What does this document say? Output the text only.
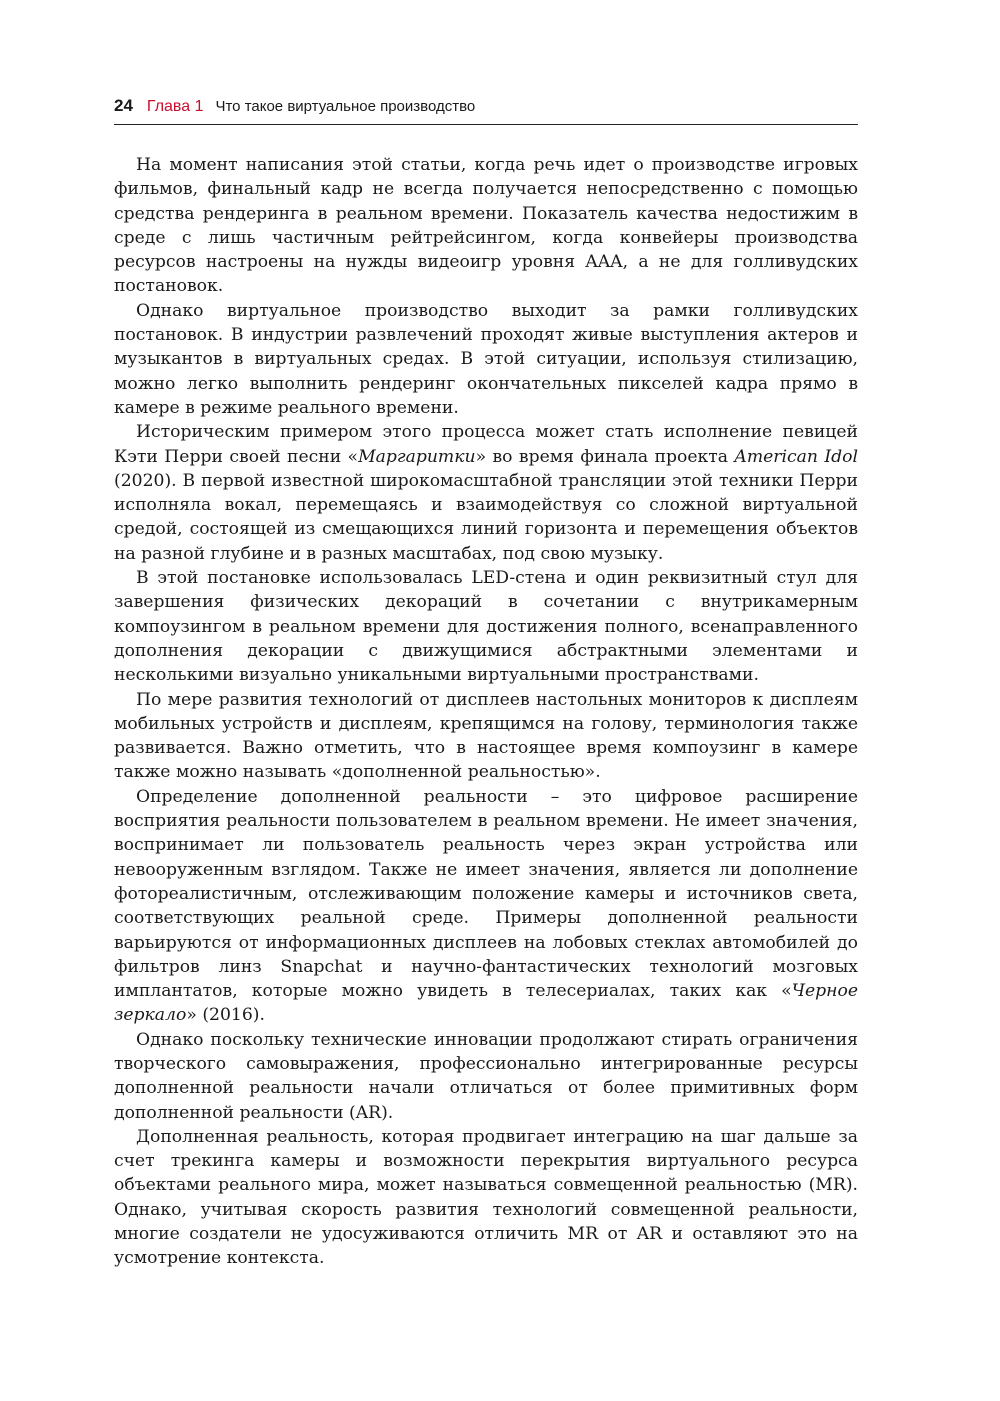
24 Глава 1 Что такое виртуальное производство

На момент написания этой статьи, когда речь идет о производстве игровых фильмов, финальный кадр не всегда получается непосредственно с помощью средства рендеринга в реальном времени. Показатель качества недостижим в среде с лишь частичным рейтрейсингом, когда конвейеры производства ресурсов настроены на нужды видеоигр уровня AAA, а не для голливудских постановок.

Однако виртуальное производство выходит за рамки голливудских постановок. В индустрии развлечений проходят живые выступления актеров и музыкантов в виртуальных средах. В этой ситуации, используя стилизацию, можно легко выполнить рендеринг окончательных пикселей кадра прямо в камере в режиме реального времени.

Историческим примером этого процесса может стать исполнение певицей Кэти Перри своей песни «Маргаритки» во время финала проекта American Idol (2020). В первой известной широкомасштабной трансляции этой техники Перри исполняла вокал, перемещаясь и взаимодействуя со сложной виртуальной средой, состоящей из смещающихся линий горизонта и перемещения объектов на разной глубине и в разных масштабах, под свою музыку.

В этой постановке использовалась LED-стена и один реквизитный стул для завершения физических декораций в сочетании с внутрикамерным компоузингом в реальном времени для достижения полного, всенаправленного дополнения декорации с движущимися абстрактными элементами и несколькими визуально уникальными виртуальными пространствами.

По мере развития технологий от дисплеев настольных мониторов к дисплеям мобильных устройств и дисплеям, крепящимся на голову, терминология также развивается. Важно отметить, что в настоящее время компоузинг в камере также можно называть «дополненной реальностью».

Определение дополненной реальности – это цифровое расширение восприятия реальности пользователем в реальном времени. Не имеет значения, воспринимает ли пользователь реальность через экран устройства или невооруженным взглядом. Также не имеет значения, является ли дополнение фотореалистичным, отслеживающим положение камеры и источников света, соответствующих реальной среде. Примеры дополненной реальности варьируются от информационных дисплеев на лобовых стеклах автомобилей до фильтров линз Snapchat и научно-фантастических технологий мозговых имплантатов, которые можно увидеть в телесериалах, таких как «Черное зеркало» (2016).

Однако поскольку технические инновации продолжают стирать ограничения творческого самовыражения, профессионально интегрированные ресурсы дополненной реальности начали отличаться от более примитивных форм дополненной реальности (AR).

Дополненная реальность, которая продвигает интеграцию на шаг дальше за счет трекинга камеры и возможности перекрытия виртуального ресурса объектами реального мира, может называться совмещенной реальностью (MR). Однако, учитывая скорость развития технологий совмещенной реальности, многие создатели не удосуживаются отличить MR от AR и оставляют это на усмотрение контекста.
